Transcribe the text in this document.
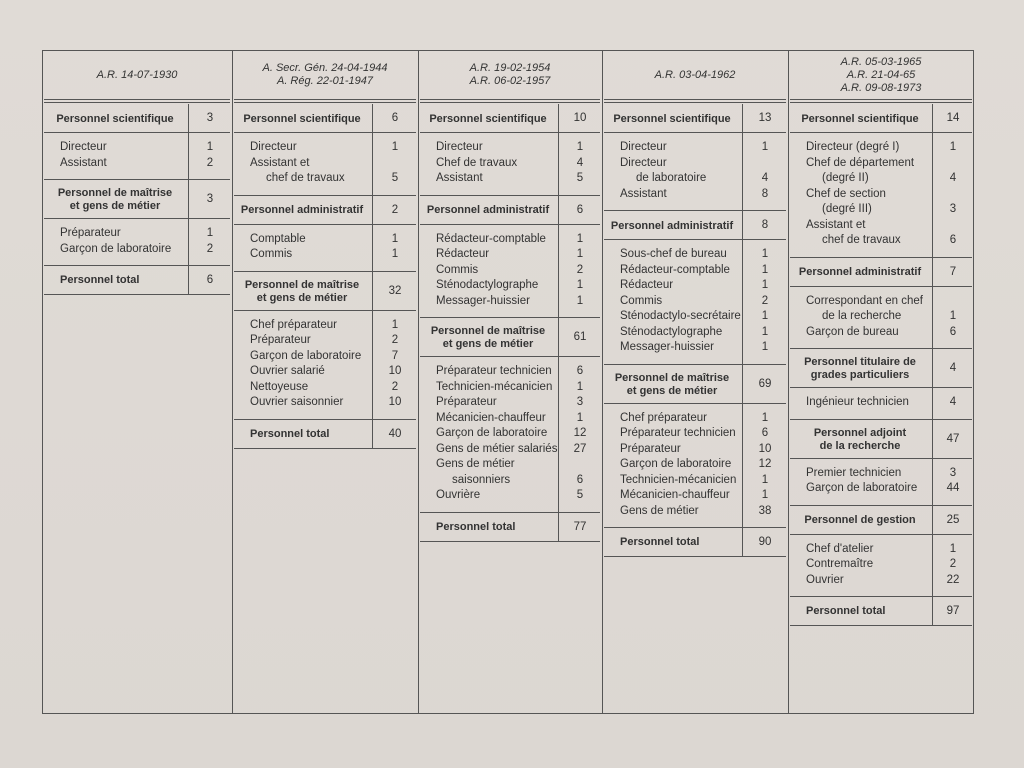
A.R. 14-07-1930
Personnel scientifique	3
Directeur	1
Assistant	2
Personnel de maîtrise
et gens de métier
3
Préparateur	1
Garçon de laboratoire	2
Personnel total	6
A. Secr. Gén. 24-04-1944
A. Rég. 22-01-1947
Personnel scientifique	6
Directeur	1
Assistant et
chef de travaux	5
Personnel administratif	2
Comptable	1
Commis	1
Personnel de maîtrise
et gens de métier
32
Chef préparateur	1
Préparateur	2
Garçon de laboratoire	7
Ouvrier salarié	10
Nettoyeuse	2
Ouvrier saisonnier	10
Personnel total	40
A.R. 19-02-1954
A.R. 06-02-1957
Personnel scientifique	10
Directeur	1
Chef de travaux	4
Assistant	5
Personnel administratif	6
Rédacteur-comptable	1
Rédacteur	1
Commis	2
Sténodactylographe	1
Messager-huissier	1
Personnel de maîtrise
et gens de métier
61
Préparateur technicien	6
Technicien-mécanicien	1
Préparateur	3
Mécanicien-chauffeur	1
Garçon de laboratoire	12
Gens de métier salariés	27
Gens de métier
saisonniers	6
Ouvrière	5
Personnel total	77
A.R. 03-04-1962
Personnel scientifique	13
Directeur	1
Directeur
de laboratoire	4
Assistant	8
Personnel administratif	8
Sous-chef de bureau	1
Rédacteur-comptable	1
Rédacteur	1
Commis	2
Sténodactylo-secrétaire	1
Sténodactylographe	1
Messager-huissier	1
Personnel de maîtrise
et gens de métier
69
Chef préparateur	1
Préparateur technicien	6
Préparateur	10
Garçon de laboratoire	12
Technicien-mécanicien	1
Mécanicien-chauffeur	1
Gens de métier	38
Personnel total	90
A.R. 05-03-1965
A.R. 21-04-65
A.R. 09-08-1973
Personnel scientifique	14
Directeur (degré I)	1
Chef de département
(degré II)	4
Chef de section
(degré III)	3
Assistant et
chef de travaux	6
Personnel administratif	7
Correspondant en chef
de la recherche	1
Garçon de bureau	6
Personnel titulaire de
grades particuliers
4
Ingénieur technicien	4
Personnel adjoint
de la recherche
47
Premier technicien	3
Garçon de laboratoire	44
Personnel de gestion	25
Chef d'atelier	1
Contremaître	2
Ouvrier	22
Personnel total	97
